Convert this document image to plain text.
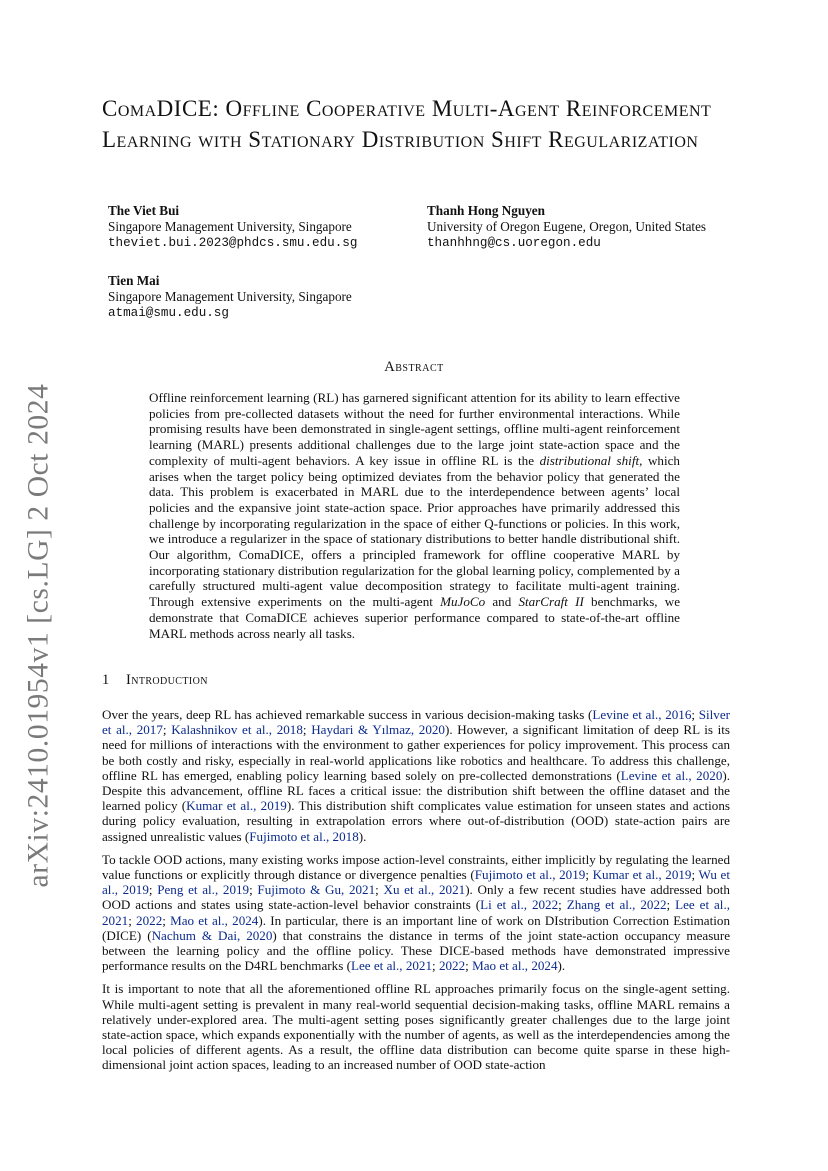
arXiv:2410.01954v1 [cs.LG] 2 Oct 2024
ComaDICE: Offline Cooperative Multi-Agent Reinforcement Learning with Stationary Distribution Shift Regularization
The Viet Bui
Singapore Management University, Singapore
theviet.bui.2023@phdcs.smu.edu.sg
Thanh Hong Nguyen
University of Oregon Eugene, Oregon, United States
thanhhng@cs.uoregon.edu
Tien Mai
Singapore Management University, Singapore
atmai@smu.edu.sg
Abstract

Offline reinforcement learning (RL) has garnered significant attention for its ability to learn effective policies from pre-collected datasets without the need for further environmental interactions. While promising results have been demonstrated in single-agent settings, offline multi-agent reinforcement learning (MARL) presents additional challenges due to the large joint state-action space and the complexity of multi-agent behaviors. A key issue in offline RL is the distributional shift, which arises when the target policy being optimized deviates from the behavior policy that generated the data. This problem is exacerbated in MARL due to the interdependence between agents’ local policies and the expansive joint state-action space. Prior approaches have primarily addressed this challenge by incorporating regularization in the space of either Q-functions or policies. In this work, we introduce a regularizer in the space of stationary distributions to better handle distributional shift. Our algorithm, ComaDICE, offers a principled framework for offline cooperative MARL by incorporating stationary distribution regularization for the global learning policy, complemented by a carefully structured multi-agent value decomposition strategy to facilitate multi-agent training. Through extensive experiments on the multi-agent MuJoCo and StarCraft II benchmarks, we demonstrate that ComaDICE achieves superior performance compared to state-of-the-art offline MARL methods across nearly all tasks.

1 Introduction

Over the years, deep RL has achieved remarkable success in various decision-making tasks (Levine et al., 2016; Silver et al., 2017; Kalashnikov et al., 2018; Haydari & Yılmaz, 2020). However, a significant limitation of deep RL is its need for millions of interactions with the environment to gather experiences for policy improvement. This process can be both costly and risky, especially in real-world applications like robotics and healthcare. To address this challenge, offline RL has emerged, enabling policy learning based solely on pre-collected demonstrations (Levine et al., 2020). Despite this advancement, offline RL faces a critical issue: the distribution shift between the offline dataset and the learned policy (Kumar et al., 2019). This distribution shift complicates value estimation for unseen states and actions during policy evaluation, resulting in extrapolation errors where out-of-distribution (OOD) state-action pairs are assigned unrealistic values (Fujimoto et al., 2018).

To tackle OOD actions, many existing works impose action-level constraints, either implicitly by regulating the learned value functions or explicitly through distance or divergence penalties (Fujimoto et al., 2019; Kumar et al., 2019; Wu et al., 2019; Peng et al., 2019; Fujimoto & Gu, 2021; Xu et al., 2021). Only a few recent studies have addressed both OOD actions and states using state-action-level behavior constraints (Li et al., 2022; Zhang et al., 2022; Lee et al., 2021; 2022; Mao et al., 2024). In particular, there is an important line of work on DIstribution Correction Estimation (DICE) (Nachum & Dai, 2020) that constrains the distance in terms of the joint state-action occupancy measure between the learning policy and the offline policy. These DICE-based methods have demonstrated impressive performance results on the D4RL benchmarks (Lee et al., 2021; 2022; Mao et al., 2024).

It is important to note that all the aforementioned offline RL approaches primarily focus on the single-agent setting. While multi-agent setting is prevalent in many real-world sequential decision-making tasks, offline MARL remains a relatively under-explored area. The multi-agent setting poses significantly greater challenges due to the large joint state-action space, which expands exponentially with the number of agents, as well as the interdependencies among the local policies of different agents. As a result, the offline data distribution can become quite sparse in these high-dimensional joint action spaces, leading to an increased number of OOD state-action
